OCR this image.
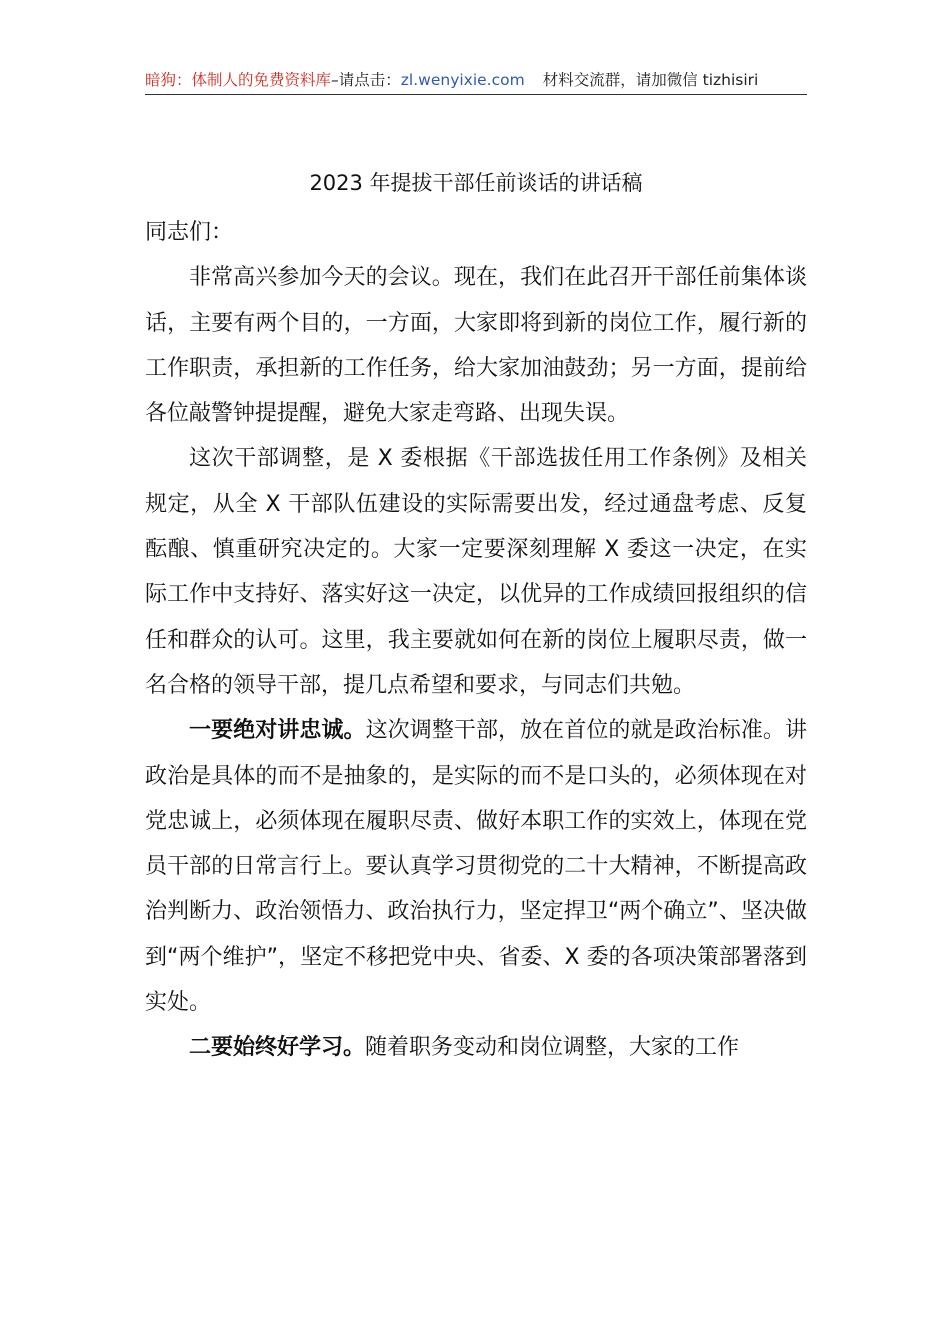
暗狗：体制人的免费资料库–请点击：zl.wenyixie.com 材料交流群，请加微信 tizhisiri
2023 年提拔干部任前谈话的讲话稿

同志们：

非常高兴参加今天的会议。现在，我们在此召开干部任前集体谈话，主要有两个目的，一方面，大家即将到新的岗位工作，履行新的工作职责，承担新的工作任务，给大家加油鼓劲；另一方面，提前给各位敲警钟提提醒，避免大家走弯路、出现失误。

这次干部调整，是 X 委根据《干部选拔任用工作条例》及相关规定，从全 X 干部队伍建设的实际需要出发，经过通盘考虑、反复酝酿、慎重研究决定的。大家一定要深刻理解 X 委这一决定，在实际工作中支持好、落实好这一决定，以优异的工作成绩回报组织的信任和群众的认可。这里，我主要就如何在新的岗位上履职尽责，做一名合格的领导干部，提几点希望和要求，与同志们共勉。

一要绝对讲忠诚。这次调整干部，放在首位的就是政治标准。讲政治是具体的而不是抽象的，是实际的而不是口头的，必须体现在对党忠诚上，必须体现在履职尽责、做好本职工作的实效上，体现在党员干部的日常言行上。要认真学习贯彻党的二十大精神，不断提高政治判断力、政治领悟力、政治执行力，坚定捍卫“两个确立”、坚决做到“两个维护”，坚定不移把党中央、省委、X 委的各项决策部署落到实处。

二要始终好学习。随着职务变动和岗位调整，大家的工作
